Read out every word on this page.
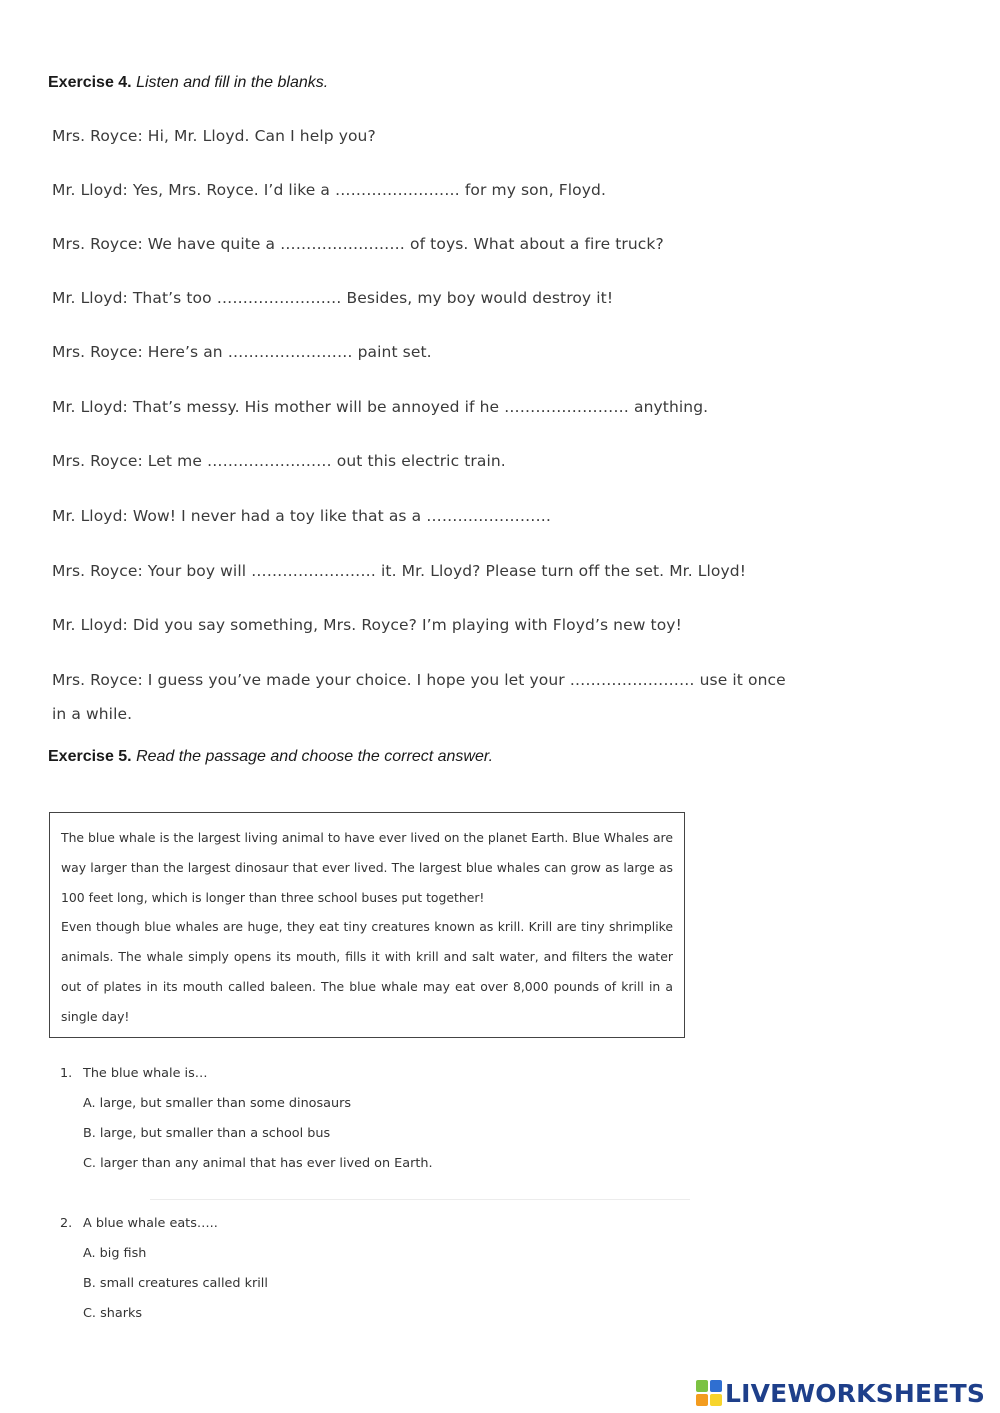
Exercise 4. Listen and fill in the blanks.
Mrs. Royce: Hi, Mr. Lloyd. Can I help you?
Mr. Lloyd: Yes, Mrs. Royce. I’d like a …………………… for my son, Floyd.
Mrs. Royce: We have quite a …………………… of toys. What about a fire truck?
Mr. Lloyd: That’s too …………………… Besides, my boy would destroy it!
Mrs. Royce: Here’s an …………………… paint set.
Mr. Lloyd: That’s messy. His mother will be annoyed if he …………………… anything.
Mrs. Royce: Let me …………………… out this electric train.
Mr. Lloyd: Wow! I never had a toy like that as a ……………………
Mrs. Royce: Your boy will …………………… it. Mr. Lloyd? Please turn off the set. Mr. Lloyd!
Mr. Lloyd: Did you say something, Mrs. Royce? I’m playing with Floyd’s new toy!
Mrs. Royce: I guess you’ve made your choice. I hope you let your …………………… use it once
in a while.
Exercise 5. Read the passage and choose the correct answer.

The blue whale is the largest living animal to have ever lived on the planet Earth. Blue Whales are way larger than the largest dinosaur that ever lived. The largest blue whales can grow as large as 100 feet long, which is longer than three school buses put together!

Even though blue whales are huge, they eat tiny creatures known as krill. Krill are tiny shrimplike animals. The whale simply opens its mouth, fills it with krill and salt water, and filters the water out of plates in its mouth called baleen. The blue whale may eat over 8,000 pounds of krill in a single day!

1. The blue whale is…
A. large, but smaller than some dinosaurs
B. large, but smaller than a school bus
C. larger than any animal that has ever lived on Earth.
2. A blue whale eats…..
A. big fish
B. small creatures called krill
C. sharks
LIVEWORKSHEETS
